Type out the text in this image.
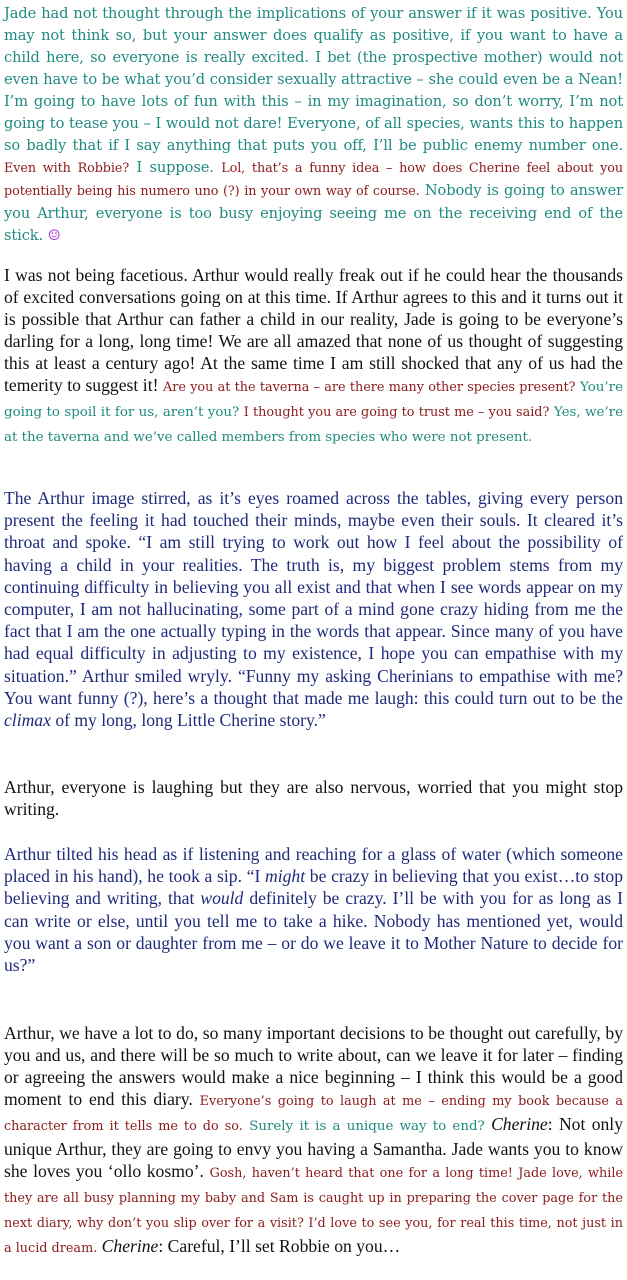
Jade had not thought through the implications of your answer if it was positive. You may not think so, but your answer does qualify as positive, if you want to have a child here, so everyone is really excited. I bet (the prospective mother) would not even have to be what you’d consider sexually attractive – she could even be a Nean! I’m going to have lots of fun with this – in my imagination, so don’t worry, I’m not going to tease you – I would not dare! Everyone, of all species, wants this to happen so badly that if I say anything that puts you off, I’ll be public enemy number one. Even with Robbie? I suppose. Lol, that’s a funny idea – how does Cherine feel about you potentially being his numero uno (?) in your own way of course. Nobody is going to answer you Arthur, everyone is too busy enjoying seeing me on the receiving end of the stick. ☺

I was not being facetious. Arthur would really freak out if he could hear the thousands of excited conversations going on at this time. If Arthur agrees to this and it turns out it is possible that Arthur can father a child in our reality, Jade is going to be everyone’s darling for a long, long time! We are all amazed that none of us thought of suggesting this at least a century ago! At the same time I am still shocked that any of us had the temerity to suggest it! Are you at the taverna – are there many other species present? You’re going to spoil it for us, aren’t you? I thought you are going to trust me – you said? Yes, we’re at the taverna and we’ve called members from species who were not present.

The Arthur image stirred, as it’s eyes roamed across the tables, giving every person present the feeling it had touched their minds, maybe even their souls. It cleared it’s throat and spoke. “I am still trying to work out how I feel about the possibility of having a child in your realities. The truth is, my biggest problem stems from my continuing difficulty in believing you all exist and that when I see words appear on my computer, I am not hallucinating, some part of a mind gone crazy hiding from me the fact that I am the one actually typing in the words that appear. Since many of you have had equal difficulty in adjusting to my existence, I hope you can empathise with my situation.” Arthur smiled wryly. “Funny my asking Cherinians to empathise with me? You want funny (?), here’s a thought that made me laugh: this could turn out to be the climax of my long, long Little Cherine story.”

Arthur, everyone is laughing but they are also nervous, worried that you might stop writing.

Arthur tilted his head as if listening and reaching for a glass of water (which someone placed in his hand), he took a sip. “I might be crazy in believing that you exist…to stop believing and writing, that would definitely be crazy. I’ll be with you for as long as I can write or else, until you tell me to take a hike. Nobody has mentioned yet, would you want a son or daughter from me – or do we leave it to Mother Nature to decide for us?”

Arthur, we have a lot to do, so many important decisions to be thought out carefully, by you and us, and there will be so much to write about, can we leave it for later – finding or agreeing the answers would make a nice beginning – I think this would be a good moment to end this diary. Everyone’s going to laugh at me – ending my book because a character from it tells me to do so. Surely it is a unique way to end? Cherine: Not only unique Arthur, they are going to envy you having a Samantha. Jade wants you to know she loves you ‘ollo kosmo’. Gosh, haven’t heard that one for a long time! Jade love, while they are all busy planning my baby and Sam is caught up in preparing the cover page for the next diary, why don’t you slip over for a visit? I’d love to see you, for real this time, not just in a lucid dream. Cherine: Careful, I’ll set Robbie on you…
